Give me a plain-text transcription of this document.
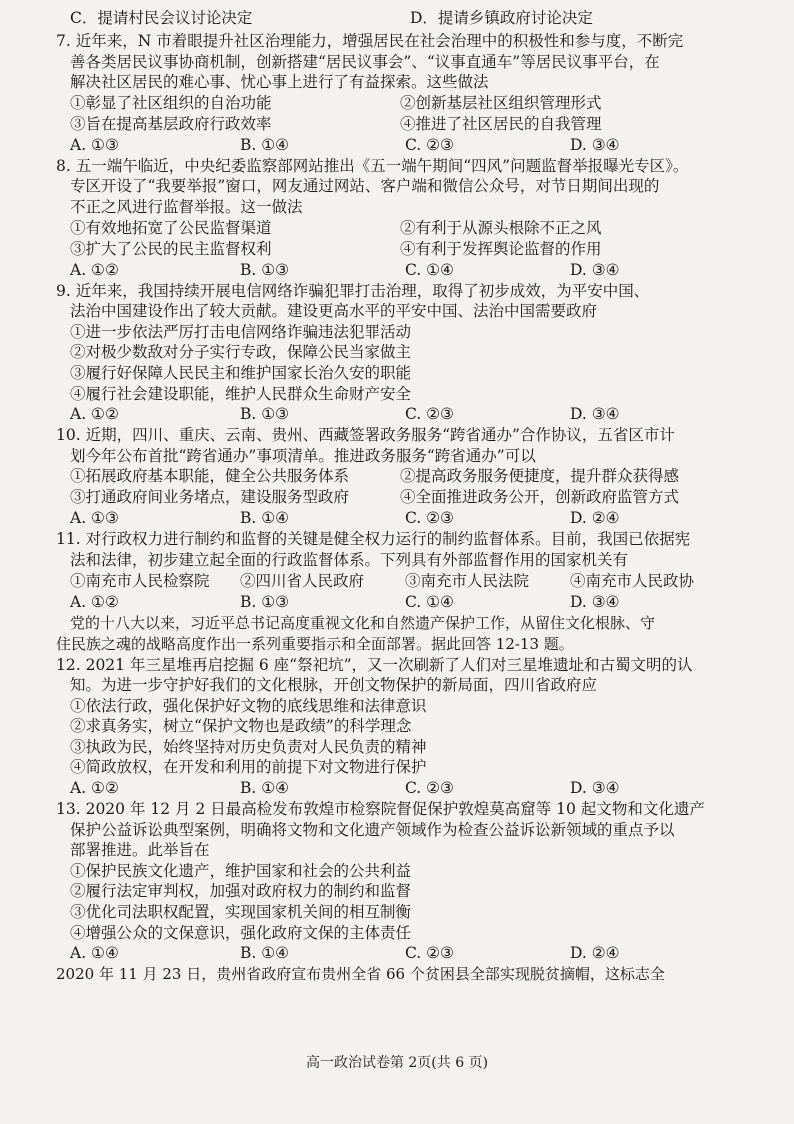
C．提请村民会议讨论决定	D．提请乡镇政府讨论决定
7. 近年来，N 市着眼提升社区治理能力，增强居民在社会治理中的积极性和参与度，不断完
善各类居民议事协商机制，创新搭建“居民议事会”、“议事直通车”等居民议事平台，在
解决社区居民的难心事、忧心事上进行了有益探索。这些做法
①彰显了社区组织的自治功能	②创新基层社区组织管理形式
③旨在提高基层政府行政效率	④推进了社区居民的自我管理
A. ①③	B. ①④	C. ②③	D. ③④
8. 五一端午临近，中央纪委监察部网站推出《五一端午期间“四风”问题监督举报曝光专区》。
专区开设了“我要举报”窗口，网友通过网站、客户端和微信公众号，对节日期间出现的
不正之风进行监督举报。这一做法
①有效地拓宽了公民监督渠道	②有利于从源头根除不正之风
③扩大了公民的民主监督权利	④有利于发挥舆论监督的作用
A. ①②	B. ①③	C. ①④	D. ③④
9. 近年来，我国持续开展电信网络诈骗犯罪打击治理，取得了初步成效，为平安中国、
法治中国建设作出了较大贡献。建设更高水平的平安中国、法治中国需要政府
①进一步依法严厉打击电信网络诈骗违法犯罪活动
②对极少数敌对分子实行专政，保障公民当家做主
③履行好保障人民民主和维护国家长治久安的职能
④履行社会建设职能，维护人民群众生命财产安全
A. ①②	B. ①③	C. ②③	D. ③④
10. 近期，四川、重庆、云南、贵州、西藏签署政务服务“跨省通办”合作协议，五省区市计
划今年公布首批“跨省通办”事项清单。推进政务服务“跨省通办”可以
①拓展政府基本职能，健全公共服务体系	②提高政务服务便捷度，提升群众获得感
③打通政府间业务堵点，建设服务型政府	④全面推进政务公开，创新政府监管方式
A. ①③	B. ①④	C. ②③	D. ②④
11. 对行政权力进行制约和监督的关键是健全权力运行的制约监督体系。目前，我国已依据宪
法和法律，初步建立起全面的行政监督体系。下列具有外部监督作用的国家机关有
①南充市人民检察院	②四川省人民政府	③南充市人民法院	④南充市人民政协
A. ①②	B. ①③	C. ①④	D. ③④
党的十八大以来，习近平总书记高度重视文化和自然遗产保护工作，从留住文化根脉、守
住民族之魂的战略高度作出一系列重要指示和全面部署。据此回答 12-13 题。
12. 2021 年三星堆再启挖掘 6 座“祭祀坑”，又一次刷新了人们对三星堆遗址和古蜀文明的认
知。为进一步守护好我们的文化根脉，开创文物保护的新局面，四川省政府应
①依法行政，强化保护好文物的底线思维和法律意识
②求真务实，树立“保护文物也是政绩”的科学理念
③执政为民，始终坚持对历史负责对人民负责的精神
④简政放权，在开发和利用的前提下对文物进行保护
A. ①②	B. ①④	C. ②③	D. ③④
13. 2020 年 12 月 2 日最高检发布敦煌市检察院督促保护敦煌莫高窟等 10 起文物和文化遗产
保护公益诉讼典型案例，明确将文物和文化遗产领域作为检查公益诉讼新领域的重点予以
部署推进。此举旨在
①保护民族文化遗产，维护国家和社会的公共利益
②履行法定审判权，加强对政府权力的制约和监督
③优化司法职权配置，实现国家机关间的相互制衡
④增强公众的文保意识，强化政府文保的主体责任
A. ①④	B. ①④	C. ②③	D. ②④
2020 年 11 月 23 日，贵州省政府宣布贵州全省 66 个贫困县全部实现脱贫摘帽，这标志全
高一政治试卷第 2页(共 6 页)
